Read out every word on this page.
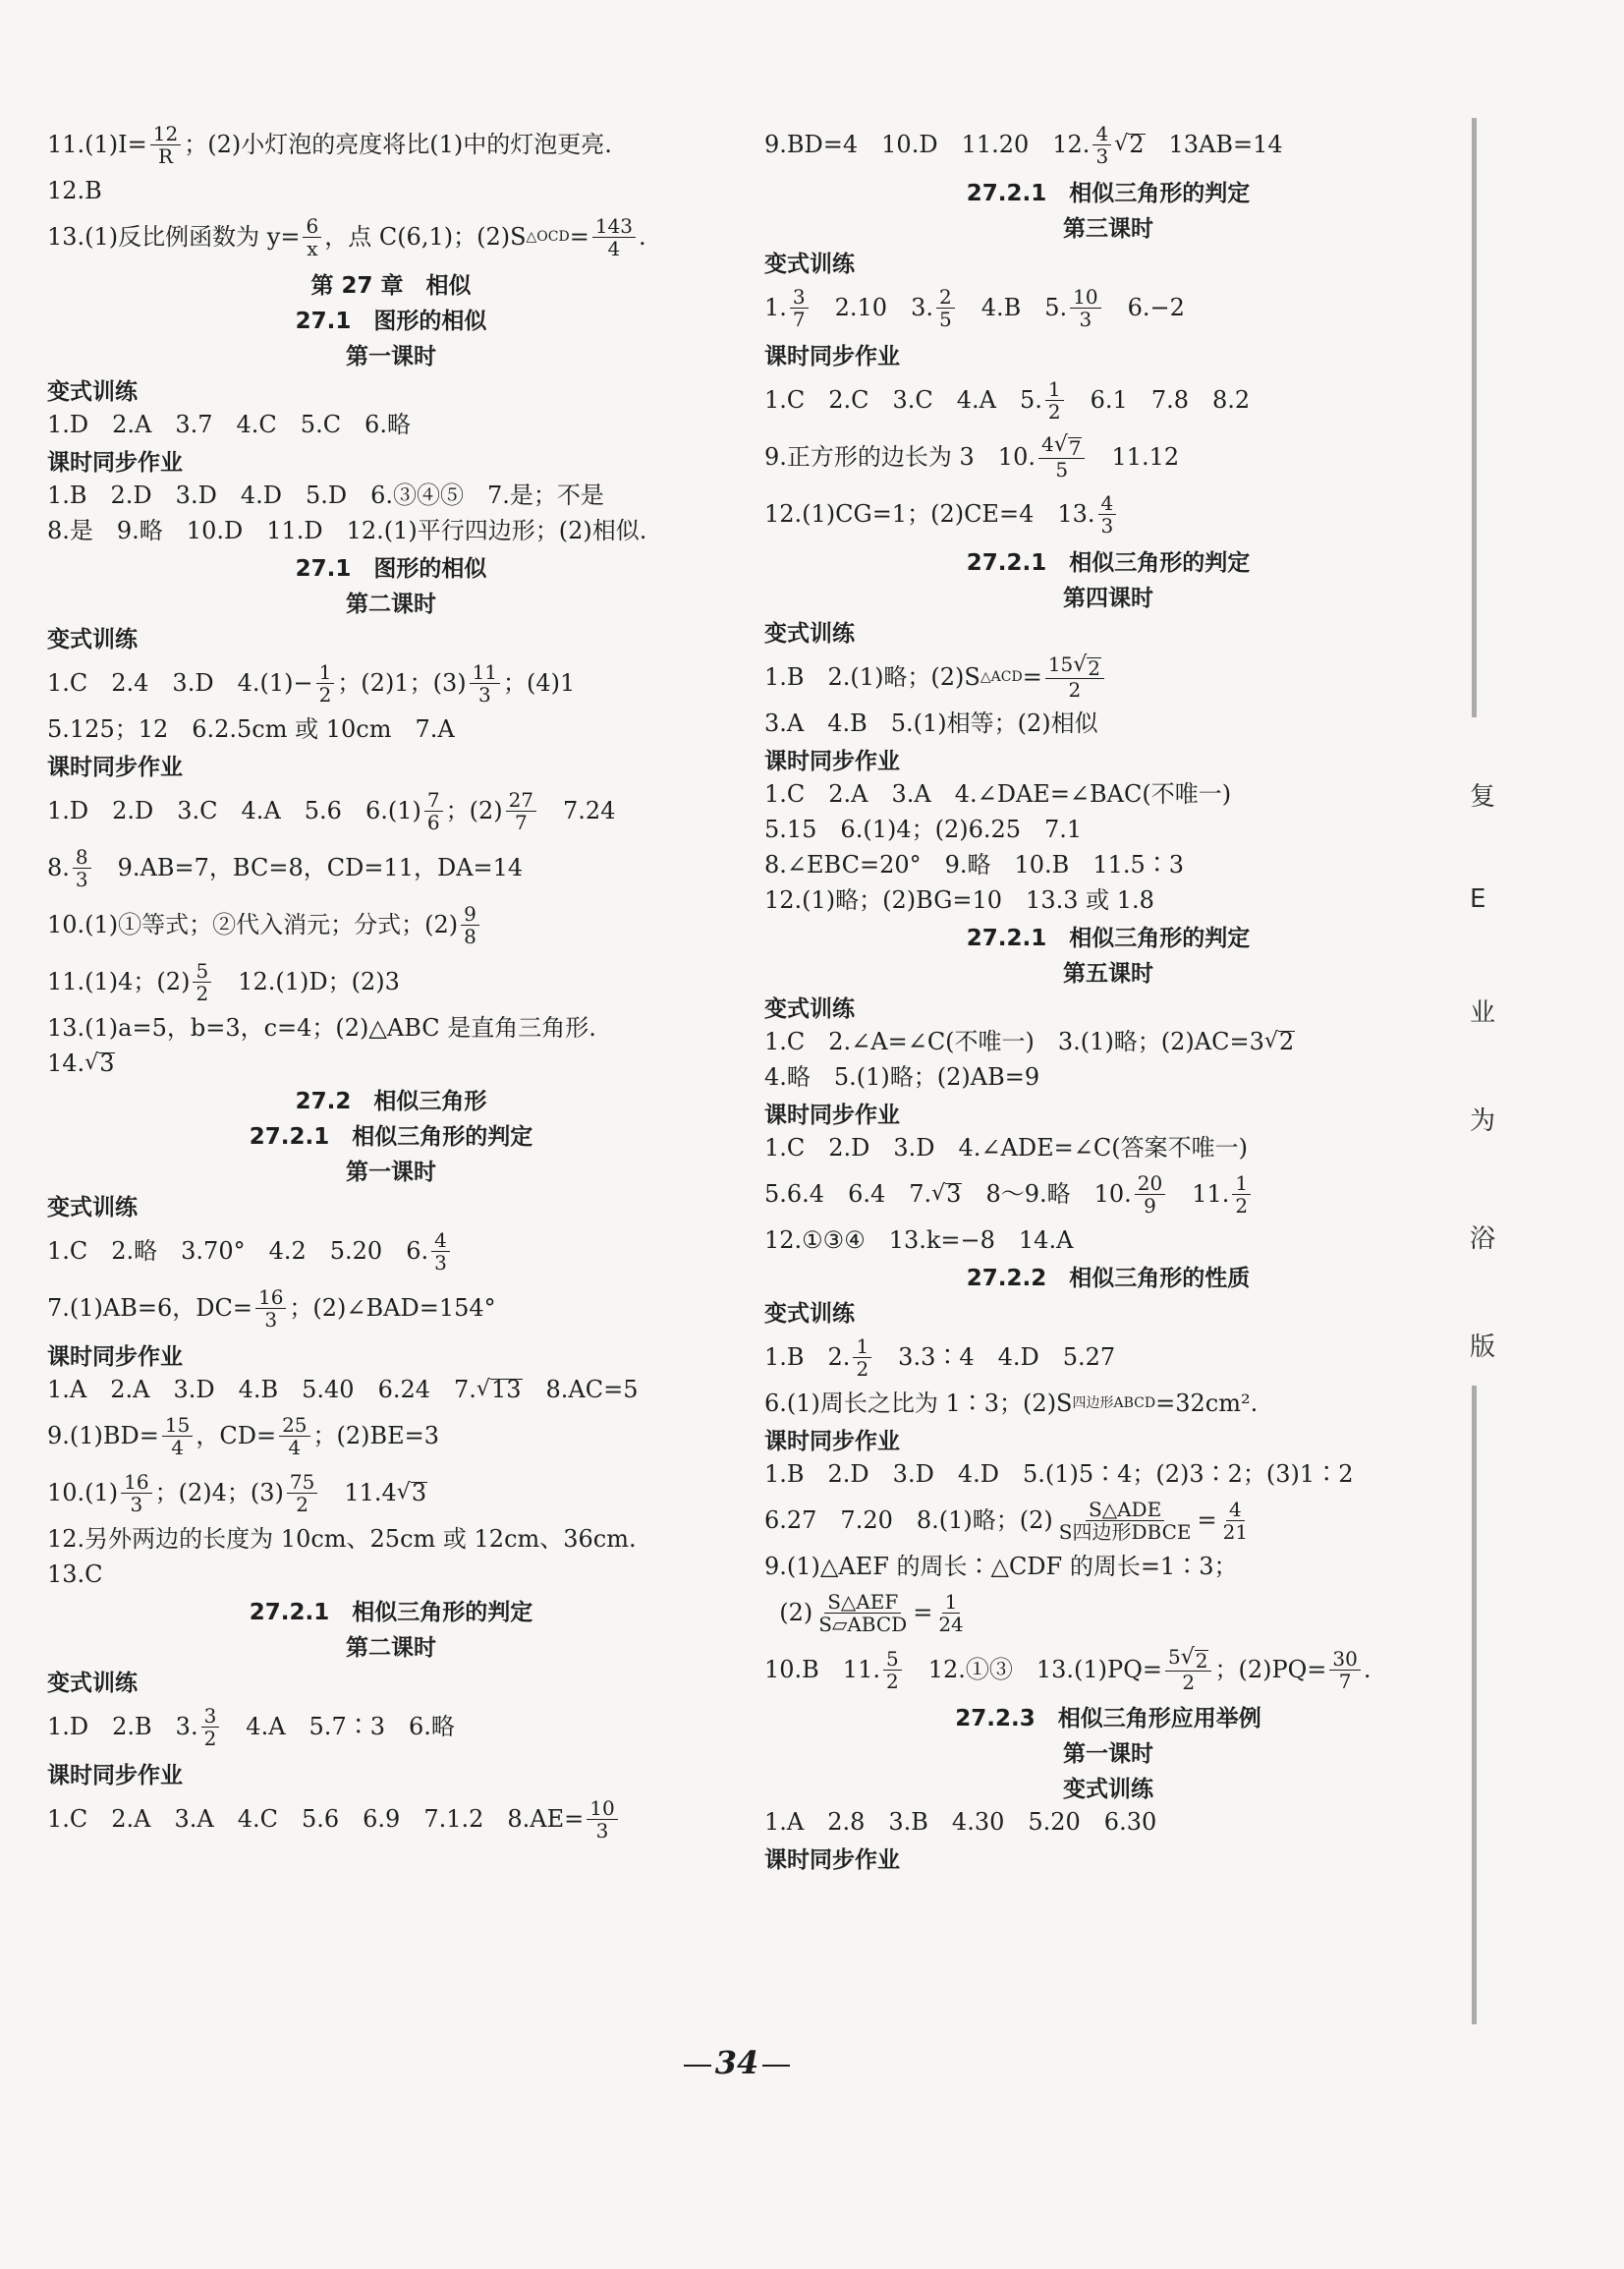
11.(1) $I = \frac{12}{R}$ ；(2)小灯泡的亮度将比(1)中的灯泡更亮.
12.B
13.(1)反比例函数为 $y= \frac{6}{x}$ ，点 C(6,1)；(2)S △OCD = $\frac{143}{4}$ .
第 27 章　相似
27.1　图形的相似
第一课时
变式训练
1.D　2.A　3.7　4.C　5.C　6.略
课时同步作业
1.B　2.D　3.D　4.D　5.D　6.③④⑤　7.是；不是
8.是　9.略　10.D　11.D　12.(1)平行四边形；(2)相似.
27.1　图形的相似
第二课时
变式训练
1.C　2.4　3.D　$4.(1)- \frac{1}{2}$ ；(2)1；$(3) \frac{11}{3}$ ；(4)1
5.125；12　6.2.5cm 或 10cm　7.A
课时同步作业
1.D　2.D　3.C　4.A　5.6　$6.(1) \frac{7}{6}$ ；$(2) \frac{27}{7}$ 　7.24
8. $\frac{8}{3}$ 　9.AB=7，BC=8，CD=11，DA=14
10.(1)①等式；②代入消元；分式；$(2) \frac{9}{8}$
11.(1)4；$(2) \frac{5}{2}$ 　12.(1)D；(2)3
13.(1)a=5，b=3，c=4；(2)△ABC 是直角三角形.
14. √ 3
27.2　相似三角形
27.2.1　相似三角形的判定
第一课时
变式训练
1.C　2.略　3.70°　4.2　5.20　6. $\frac{4}{3}$
7.(1)AB=6，$DC= \frac{16}{3}$ ；(2)∠BAD=154°
课时同步作业
1.A　2.A　3.D　4.B　5.40　6.24　7. √ 13 　8.AC=5
$9.(1)BD= \frac{15}{4}$ ，$CD= \frac{25}{4}$ ；(2)BE=3
$10.(1) \frac{16}{3}$ ；(2)4；$(3) \frac{75}{2}$ 　11.4 √ 3
12.另外两边的长度为 10cm、25cm 或 12cm、36cm.
13.C
27.2.1　相似三角形的判定
第二课时
变式训练
1.D　2.B　3. $\frac{3}{2}$ 　4.A　5.7∶3　6.略
课时同步作业
1.C　2.A　3.A　4.C　5.6　6.9　7.1.2　$8.AE= \frac{10}{3}$
9.BD=4　10.D　11.20　12. $\frac{4}{3}$ √ 2 　13AB=14
27.2.1　相似三角形的判定
第三课时
变式训练
1. $\frac{3}{7}$ 　2.10　3. $\frac{2}{5}$ 　4.B　5. $\frac{10}{3}$ 　6.−2
课时同步作业
1.C　2.C　3.C　4.A　5. $\frac{1}{2}$ 　6.1　7.8　8.2
9.正方形的边长为 3　10. $\frac{4 √ 7}{5}$ 　11.12
12.(1)CG=1；(2)CE=4　13. $\frac{4}{3}$
27.2.1　相似三角形的判定
第四课时
变式训练
1.B　2.(1)略；(2)S △ACD = $\frac{15 √ 2}{2}$
3.A　4.B　5.(1)相等；(2)相似
课时同步作业
1.C　2.A　3.A　4.∠DAE=∠BAC(不唯一)
5.15　6.(1)4；(2)6.25　7.1
8.∠EBC=20°　9.略　10.B　11.5∶3
12.(1)略；(2)BG=10　13.3 或 1.8
27.2.1　相似三角形的判定
第五课时
变式训练
1.C　2.∠A=∠C(不唯一)　3.(1)略；(2)AC=3 √ 2
4.略　5.(1)略；(2)AB=9
课时同步作业
1.C　2.D　3.D　4.∠ADE=∠C(答案不唯一)
5.6.4　6.4　7. √ 3 　8～9.略　10. $\frac{20}{9}$ 　11. $\frac{1}{2}$
12.①③④　13.k=−8　14.A
27.2.2　相似三角形的性质
变式训练
1.B　2. $\frac{1}{2}$ 　3.3∶4　4.D　5.27
6.(1)周长之比为 1∶3；(2)S 四边形ABCD =32cm².
课时同步作业
1.B　2.D　3.D　4.D　5.(1)5∶4；(2)3∶2；(3)1∶2
6.27　7.20　8.(1)略；$(2) \frac{\text{S△ADE}}{\text{S四边形DBCE}} = \frac{4}{21}$
9.(1)△AEF 的周长∶△CDF 的周长=1∶3；
$(2) \frac{\text{S△AEF}}{\text{S▱ABCD}} = \frac{1}{24}$
10.B　11. $\frac{5}{2}$ 　12.①③　$13.(1)PQ= \frac{5 √ 2}{2}$ ；$(2)PQ= \frac{30}{7}$ .
27.2.3　相似三角形应用举例
第一课时
变式训练
1.A　2.8　3.B　4.30　5.20　6.30
课时同步作业
复
E
业
为
浴
版
34
